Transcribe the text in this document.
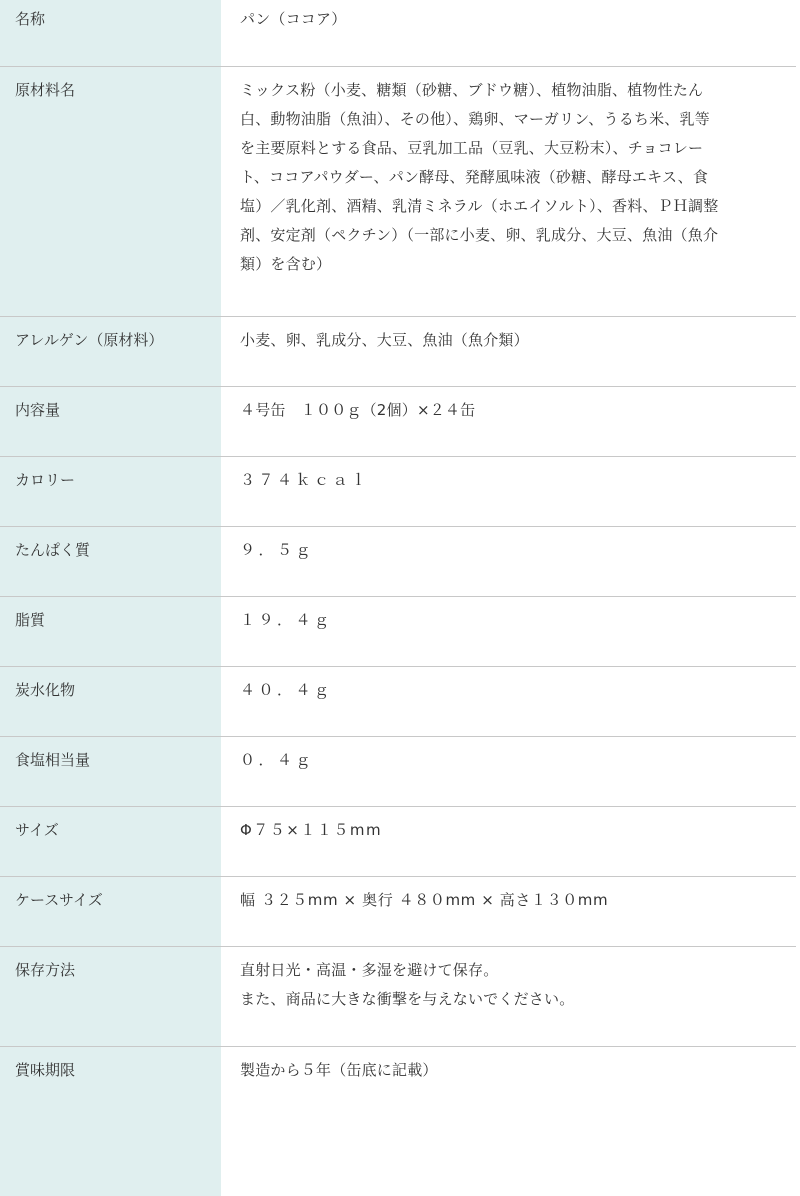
名称	パン（ココア）
原材料名	ミックス粉（小麦、糖類（砂糖、ブドウ糖）、植物油脂、植物性たん白、動物油脂（魚油）、その他）、鶏卵、マーガリン、うるち米、乳等を主要原料とする食品、豆乳加工品（豆乳、大豆粉末）、チョコレート、ココアパウダー、パン酵母、発酵風味液（砂糖、酵母エキス、食塩）／乳化剤、酒精、乳清ミネラル（ホエイソルト）、香料、ＰＨ調整剤、安定剤（ペクチン）（一部に小麦、卵、乳成分、大豆、魚油（魚介類）を含む）
アレルゲン（原材料）	小麦、卵、乳成分、大豆、魚油（魚介類）
内容量	４号缶　１００ｇ（2個）×２４缶
カロリー	３７４ｋｃａｌ
たんぱく質	９．５ｇ
脂質	１９．４ｇ
炭水化物	４０．４ｇ
食塩相当量	０．４ｇ
サイズ	Φ７５×１１５mm
ケースサイズ	幅 ３２５mm × 奥行 ４８０mm × 高さ１３０mm
保存方法	直射日光・高温・多湿を避けて保存。
また、商品に大きな衝撃を与えないでください。
賞味期限	製造から５年（缶底に記載）
